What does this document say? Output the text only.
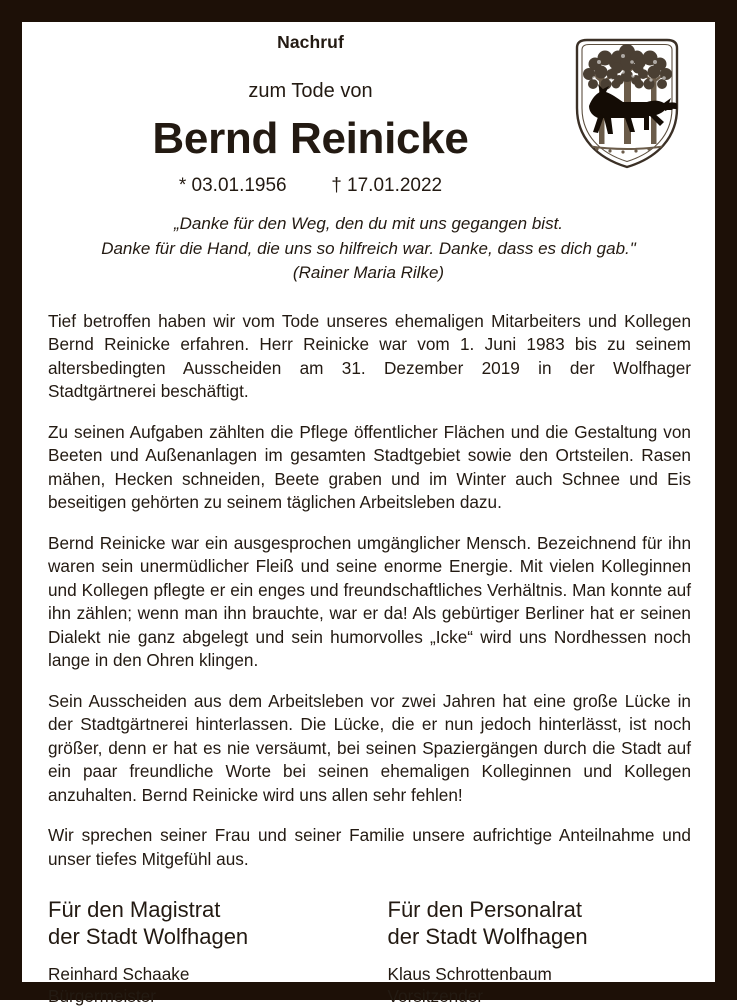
Nachruf

zum Tode von

Bernd Reinicke

* 03.01.1956 † 17.01.2022

„Danke für den Weg, den du mit uns gegangen bist.
Danke für die Hand, die uns so hilfreich war. Danke, dass es dich gab."
(Rainer Maria Rilke)

Tief betroffen haben wir vom Tode unseres ehemaligen Mitarbeiters und Kollegen Bernd Reinicke erfahren. Herr Reinicke war vom 1. Juni 1983 bis zu seinem altersbedingten Ausscheiden am 31. Dezember 2019 in der Wolfhager Stadtgärtnerei beschäftigt.

Zu seinen Aufgaben zählten die Pflege öffentlicher Flächen und die Gestaltung von Beeten und Außenanlagen im gesamten Stadtgebiet sowie den Ortsteilen. Rasen mähen, Hecken schneiden, Beete graben und im Winter auch Schnee und Eis beseitigen gehörten zu seinem täglichen Arbeitsleben dazu.

Bernd Reinicke war ein ausgesprochen umgänglicher Mensch. Bezeichnend für ihn waren sein unermüdlicher Fleiß und seine enorme Energie. Mit vielen Kolleginnen und Kollegen pflegte er ein enges und freundschaftliches Verhältnis. Man konnte auf ihn zählen; wenn man ihn brauchte, war er da! Als gebürtiger Berliner hat er seinen Dialekt nie ganz abgelegt und sein humorvolles „Icke“ wird uns Nordhessen noch lange in den Ohren klingen.

Sein Ausscheiden aus dem Arbeitsleben vor zwei Jahren hat eine große Lücke in der Stadtgärtnerei hinterlassen. Die Lücke, die er nun jedoch hinterlässt, ist noch größer, denn er hat es nie versäumt, bei seinen Spaziergängen durch die Stadt auf ein paar freundliche Worte bei seinen ehemaligen Kolleginnen und Kollegen anzuhalten. Bernd Reinicke wird uns allen sehr fehlen!

Wir sprechen seiner Frau und seiner Familie unsere aufrichtige Anteilnahme und unser tiefes Mitgefühl aus.

Für den Magistrat
der Stadt Wolfhagen

Reinhard Schaake
Bürgermeister

Für den Personalrat
der Stadt Wolfhagen

Klaus Schrottenbaum
Vorsitzender
